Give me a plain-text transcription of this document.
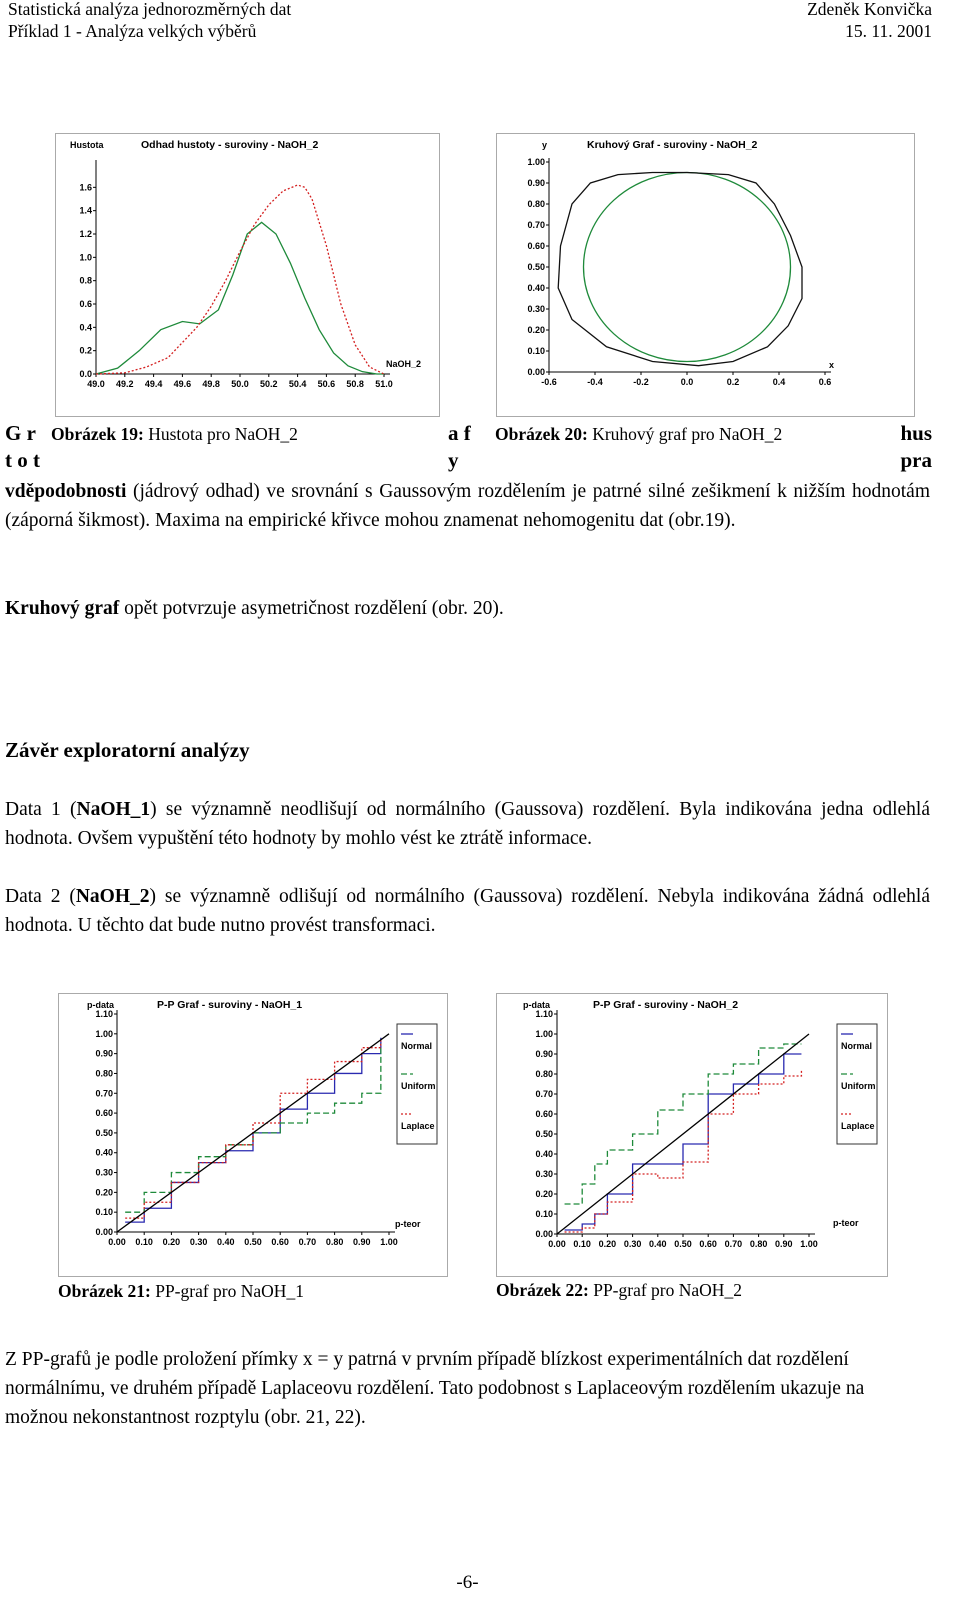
Statistická analýza jednorozměrných dat
Příklad 1 - Analýza velkých výběrů
Zdeněk Konvička
15. 11. 2001
Odhad hustoty - suroviny - NaOH_2
Hustota
0.0
0.2
0.4
0.6
0.8
1.0
1.2
1.4
1.6
49.0 49.2 49.4 49.6 49.8 50.0 50.2 50.4 50.6 50.8 51.0
NaOH_2
Kruhový Graf - suroviny - NaOH_2
y
0.00
0.10
0.20
0.30
0.40
0.50
0.60
0.70
0.80
0.90
1.00
-0.6	-0.4	-0.2	0.0	0.2	0.4	0.6
x
G r
t o t
a f
y
hus
pra
Obrázek 19: Hustota pro NaOH_2	Obrázek 20: Kruhový graf pro NaOH_2

vděpodobnosti (jádrový odhad) ve srovnání s Gaussovým rozdělením je patrné silné zešikmení k nižším hodnotám (záporná šikmost). Maxima na empirické křivce mohou znamenat nehomogenitu dat (obr.19).

Kruhový graf opět potvrzuje asymetričnost rozdělení (obr. 20).

Závěr exploratorní analýzy

Data 1 (NaOH_1) se významně neodlišují od normálního (Gaussova) rozdělení. Byla indikována jedna odlehlá hodnota. Ovšem vypuštění této hodnoty by mohlo vést ke ztrátě informace.

Data 2 (NaOH_2) se významně odlišují od normálního (Gaussova) rozdělení. Nebyla indikována žádná odlehlá hodnota. U těchto dat bude nutno provést transformaci.

P-P Graf - suroviny - NaOH_1
p-data
0.00
0.10
0.20
0.30
0.40
0.50
0.60
0.70
0.80
0.90
1.00
1.10
0.00 0.10 0.20 0.30 0.40 0.50 0.60 0.70 0.80 0.90 1.00
p-teor
Normal
Uniform
Laplace
P-P Graf - suroviny - NaOH_2
p-data
0.00
0.10
0.20
0.30
0.40
0.50
0.60
0.70
0.80
0.90
1.00
1.10
0.00 0.10 0.20 0.30 0.40 0.50 0.60 0.70 0.80 0.90 1.00
p-teor
Normal
Uniform
Laplace
Obrázek 21: PP-graf pro NaOH_1	Obrázek 22: PP-graf pro NaOH_2

Z PP-grafů je podle proložení přímky x = y patrná v prvním případě blízkost experimentálních dat rozdělení normálnímu, ve druhém případě Laplaceovu rozdělení. Tato podobnost s Laplaceovým rozdělením ukazuje na možnou nekonstantnost rozptylu (obr. 21, 22).

-6-
